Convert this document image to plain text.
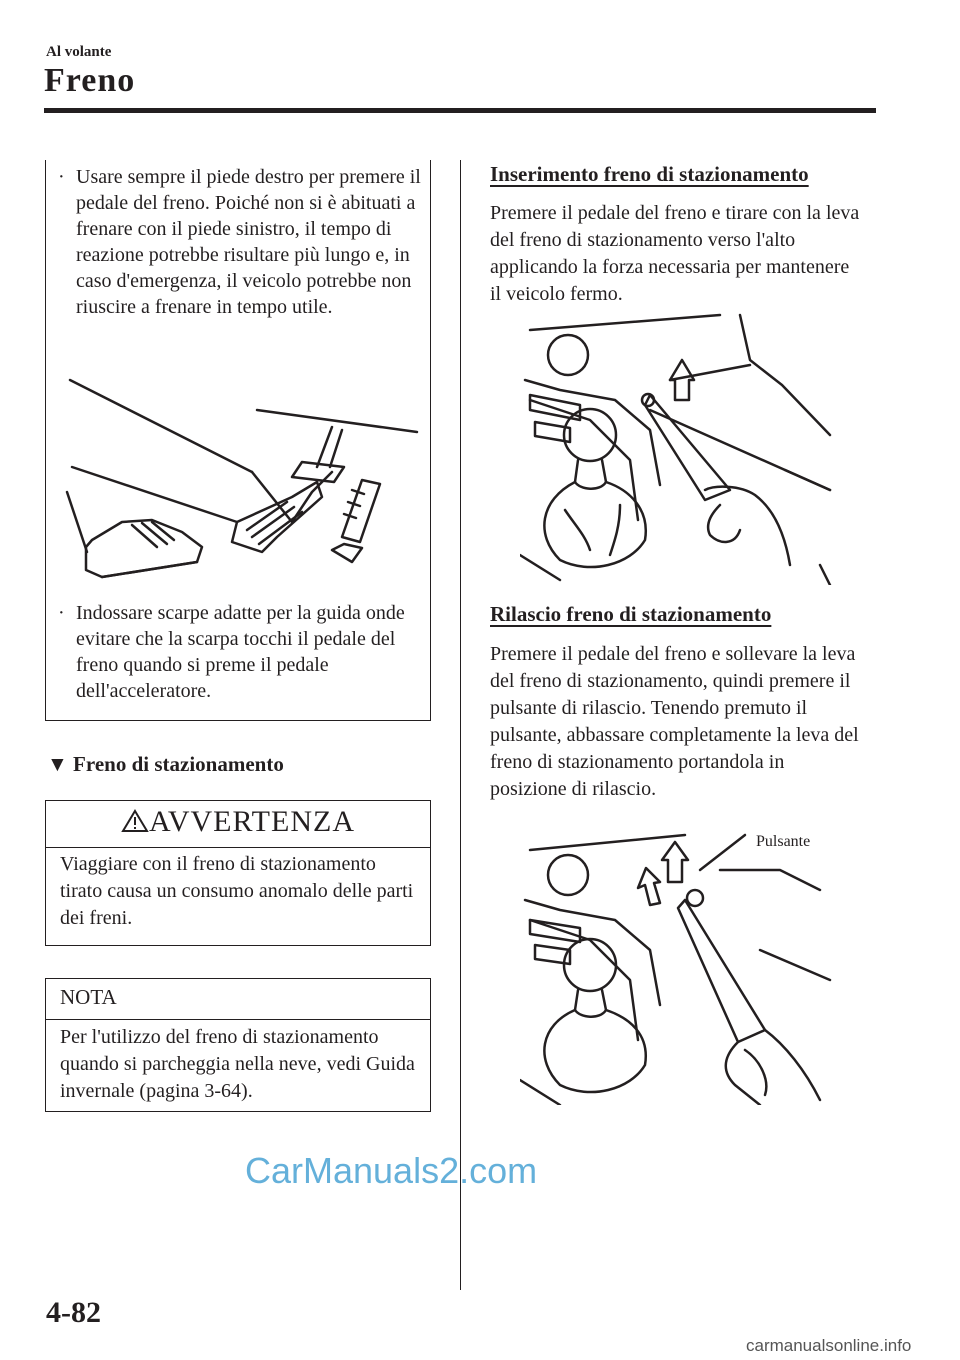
Al volante
Freno
· Usare sempre il piede destro per premere il pedale del freno. Poiché non si è abituati a frenare con il piede sinistro, il tempo di reazione potrebbe risultare più lungo e, in caso d'emergenza, il veicolo potrebbe non riuscire a frenare in tempo utile.
· Indossare scarpe adatte per la guida onde evitare che la scarpa tocchi il pedale del freno quando si preme il pedale dell'acceleratore.
▼ Freno di stazionamento
AVVERTENZA
Viaggiare con il freno di stazionamento tirato causa un consumo anomalo delle parti dei freni.
NOTA
Per l'utilizzo del freno di stazionamento quando si parcheggia nella neve, vedi Guida invernale (pagina 3-64).
Inserimento freno di stazionamento
Premere il pedale del freno e tirare con la leva del freno di stazionamento verso l'alto applicando la forza necessaria per mantenere il veicolo fermo.
Rilascio freno di stazionamento
Premere il pedale del freno e sollevare la leva del freno di stazionamento, quindi premere il pulsante di rilascio. Tenendo premuto il pulsante, abbassare completamente la leva del freno di stazionamento portandola in posizione di rilascio.
Pulsante
CarManuals2.com
4-82
carmanualsonline.info
